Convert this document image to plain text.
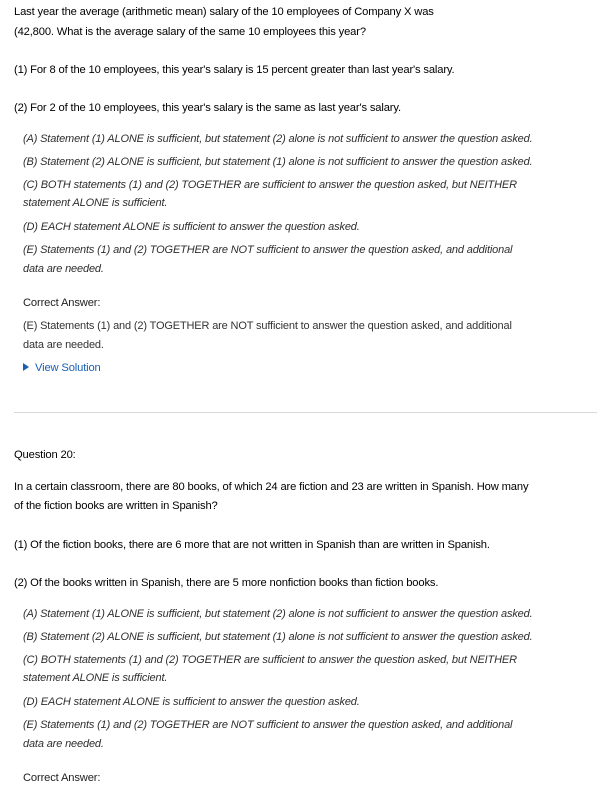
Last year the average (arithmetic mean) salary of the 10 employees of Company X was
(42,800. What is the average salary of the same 10 employees this year?
(1) For 8 of the 10 employees, this year's salary is 15 percent greater than last year's salary.
(2) For 2 of the 10 employees, this year's salary is the same as last year's salary.
(A) Statement (1) ALONE is sufficient, but statement (2) alone is not sufficient to answer the question asked.
(B) Statement (2) ALONE is sufficient, but statement (1) alone is not sufficient to answer the question asked.
(C) BOTH statements (1) and (2) TOGETHER are sufficient to answer the question asked, but NEITHER
statement ALONE is sufficient.
(D) EACH statement ALONE is sufficient to answer the question asked.
(E) Statements (1) and (2) TOGETHER are NOT sufficient to answer the question asked, and additional
data are needed.
Correct Answer:
(E) Statements (1) and (2) TOGETHER are NOT sufficient to answer the question asked, and additional
data are needed.
View Solution
Question 20:
In a certain classroom, there are 80 books, of which 24 are fiction and 23 are written in Spanish. How many
of the fiction books are written in Spanish?
(1) Of the fiction books, there are 6 more that are not written in Spanish than are written in Spanish.
(2) Of the books written in Spanish, there are 5 more nonfiction books than fiction books.
(A) Statement (1) ALONE is sufficient, but statement (2) alone is not sufficient to answer the question asked.
(B) Statement (2) ALONE is sufficient, but statement (1) alone is not sufficient to answer the question asked.
(C) BOTH statements (1) and (2) TOGETHER are sufficient to answer the question asked, but NEITHER
statement ALONE is sufficient.
(D) EACH statement ALONE is sufficient to answer the question asked.
(E) Statements (1) and (2) TOGETHER are NOT sufficient to answer the question asked, and additional
data are needed.
Correct Answer:
